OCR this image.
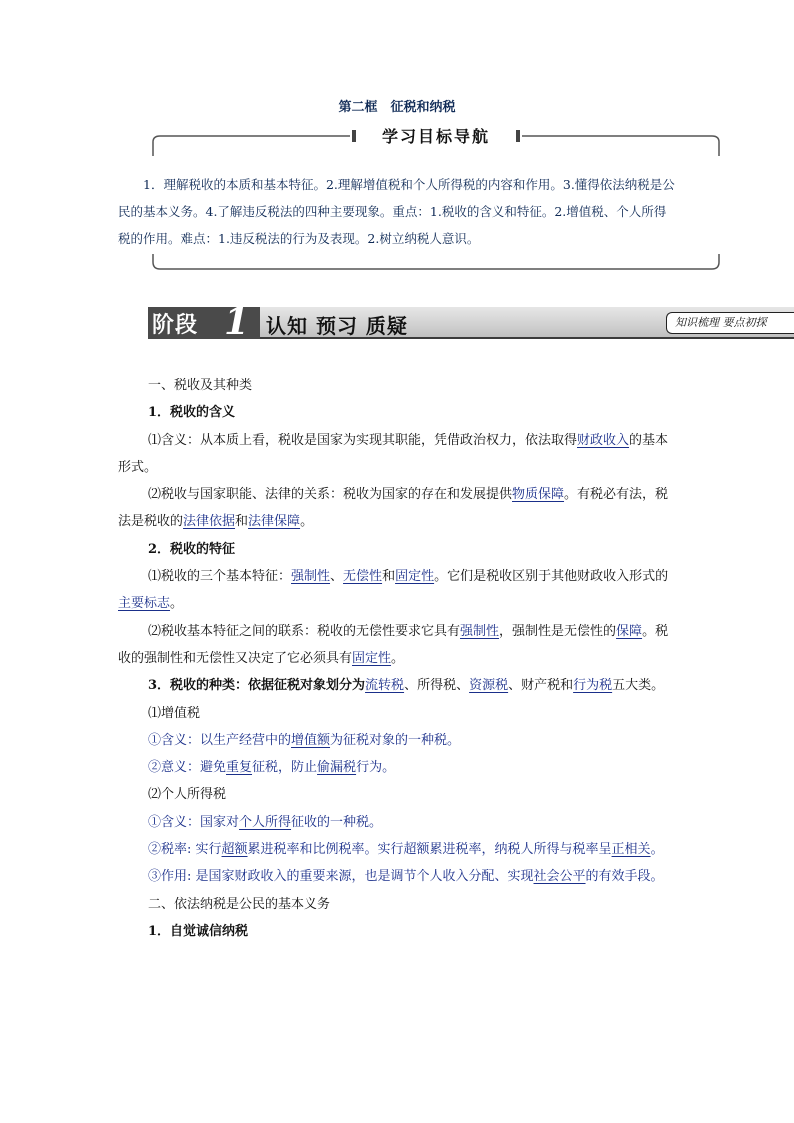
第二框　征税和纳税
学习目标导航

1．理解税收的本质和基本特征。2.理解增值税和个人所得税的内容和作用。3.懂得依法纳税是公民的基本义务。4.了解违反税法的四种主要现象。重点：1.税收的含义和特征。2.增值税、个人所得税的作用。难点：1.违反税法的行为及表现。2.树立纳税人意识。

阶段 1 认知 预习 质疑	知识梳理 要点初探

一、税收及其种类

1．税收的含义

⑴含义：从本质上看，税收是国家为实现其职能，凭借政治权力，依法取得财政收入的基本形式。

⑵税收与国家职能、法律的关系：税收为国家的存在和发展提供物质保障。有税必有法，税法是税收的法律依据和法律保障。

2．税收的特征

⑴税收的三个基本特征：强制性、无偿性和固定性。它们是税收区别于其他财政收入形式的主要标志。

⑵税收基本特征之间的联系：税收的无偿性要求它具有强制性，强制性是无偿性的保障。税收的强制性和无偿性又决定了它必须具有固定性。

3．税收的种类：依据征税对象划分为流转税、所得税、资源税、财产税和行为税五大类。

⑴增值税

①含义：以生产经营中的增值额为征税对象的一种税。

②意义：避免重复征税，防止偷漏税行为。

⑵个人所得税

①含义：国家对个人所得征收的一种税。

②税率: 实行超额累进税率和比例税率。实行超额累进税率，纳税人所得与税率呈正相关。

③作用: 是国家财政收入的重要来源，也是调节个人收入分配、实现社会公平的有效手段。

二、依法纳税是公民的基本义务

1．自觉诚信纳税
